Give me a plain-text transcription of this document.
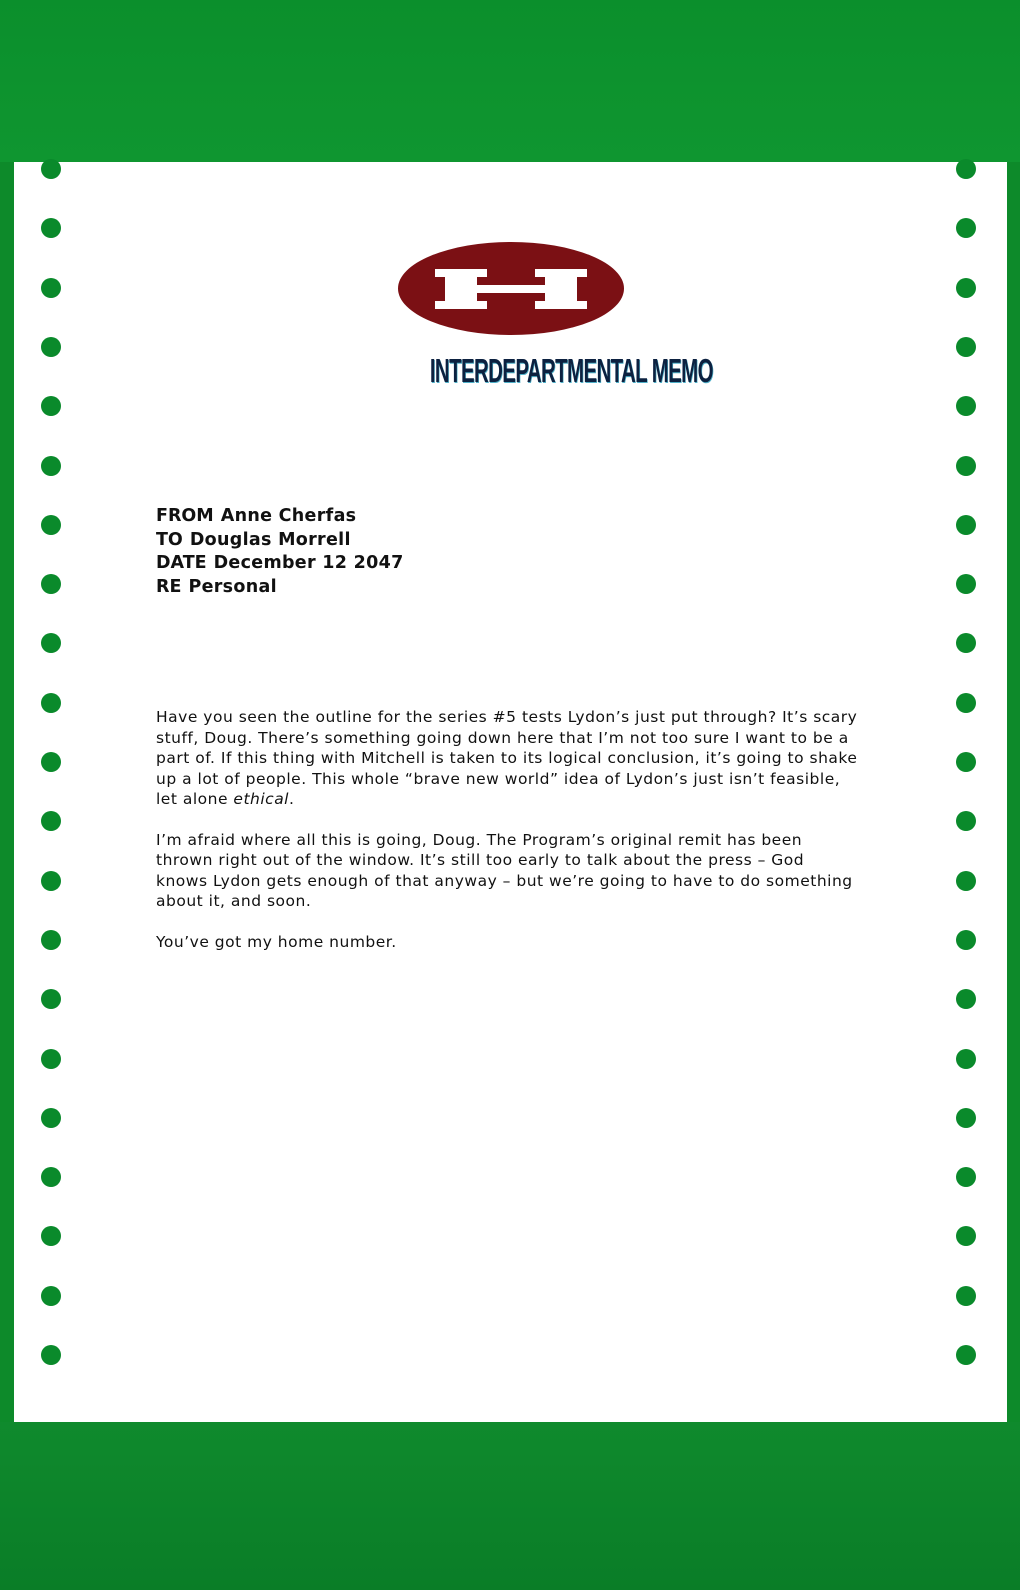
INTERDEPARTMENTAL MEMO
FROM Anne Cherfas
TO Douglas Morrell
DATE December 12 2047
RE Personal

Have you seen the outline for the series #5 tests Lydon’s just put through? It’s scary stuff, Doug. There’s something going down here that I’m not too sure I want to be a part of. If this thing with Mitchell is taken to its logical conclusion, it’s going to shake up a lot of people. This whole “brave new world” idea of Lydon’s just isn’t feasible, let alone ethical.

I’m afraid where all this is going, Doug. The Program’s original remit has been thrown right out of the window. It’s still too early to talk about the press – God knows Lydon gets enough of that anyway – but we’re going to have to do something about it, and soon.

You’ve got my home number.
